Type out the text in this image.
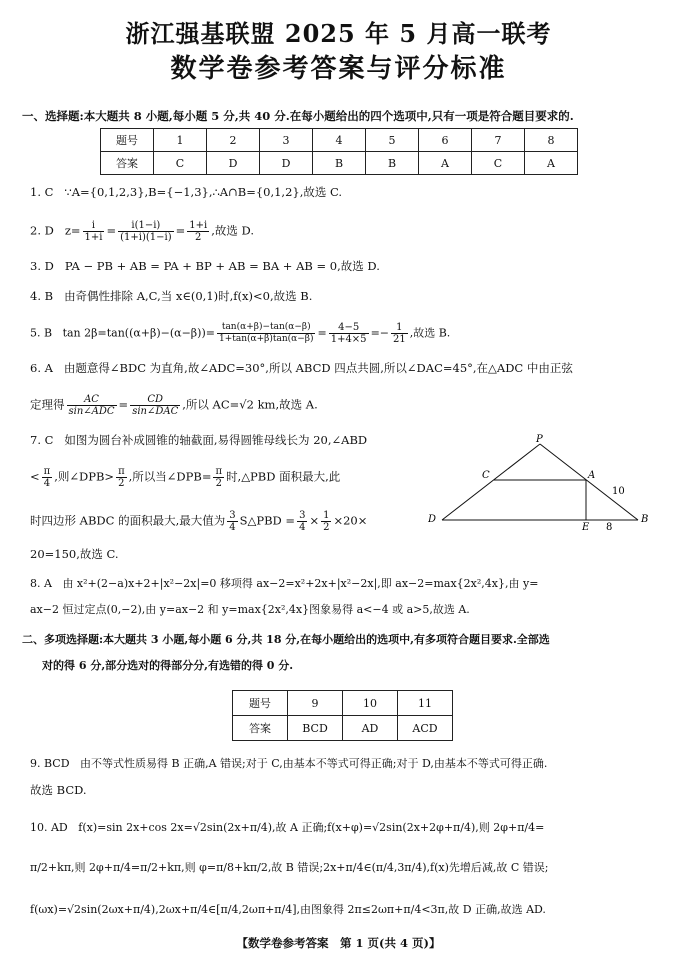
浙江强基联盟 2025 年 5 月高一联考
数学卷参考答案与评分标准
一、选择题:本大题共 8 小题,每小题 5 分,共 40 分.在每小题给出的四个选项中,只有一项是符合题目要求的.
题号	1	2	3	4	5	6	7	8
答案	C	D	D	B	B	A	C	A
1. C ∵A={0,1,2,3},B={−1,3},∴A∩B={0,1,2},故选 C.
2. D $z= \frac{i}{1+i} = \frac{i(1-i)}{(1+i)(1-i)} = \frac{1+i}{2}$ ,故选 D.
3. D PA − PB + AB = PA + BP + AB = BA + AB = 0,故选 D.
4. B 由奇偶性排除 A,C,当 x∈(0,1)时,f(x)<0,故选 B.
5. B $\tan 2\beta=\tan((\alpha+\beta)-(\alpha-\beta))= \frac{\tan(\alpha+\beta)-\tan(\alpha-\beta)}{1+\tan(\alpha+\beta)\tan(\alpha-\beta)} = \frac{4-5}{1+4\times 5} =- \frac{1}{21}$ ,故选 B.
6. A 由题意得∠BDC 为直角,故∠ADC=30°,所以 ABCD 四点共圆,所以∠DAC=45°,在△ADC 中由正弦
定理得 $\frac{AC}{\text{sin∠ADC}} = \frac{CD}{\text{sin∠DAC}}$ ,所以 AC=√2 km,故选 A.
7. C 如图为圆台补成圆锥的轴截面,易得圆锥母线长为 20,∠ABD
< $\frac{\pi}{4}$ ,则∠DPB> $\frac{\pi}{2}$ ,所以当∠DPB= $\frac{\pi}{2}$ 时,△PBD 面积最大,此
时四边形 ABDC 的面积最大,最大值为 $\frac{3}{4}$ S△PBD = $\frac{3}{4} \times \frac{1}{2} \times 20\times$
20=150,故选 C.
P
C	A
D
E
B
10
8
8. A 由 x²+(2−a)x+2+|x²−2x|=0 移项得 ax−2=x²+2x+|x²−2x|,即 ax−2=max{2x²,4x},由 y=
ax−2 恒过定点(0,−2),由 y=ax−2 和 y=max{2x²,4x}图象易得 a<−4 或 a>5,故选 A.
二、多项选择题:本大题共 3 小题,每小题 6 分,共 18 分,在每小题给出的选项中,有多项符合题目要求.全部选
对的得 6 分,部分选对的得部分分,有选错的得 0 分.
题号	9	10	11
答案	BCD	AD	ACD
9. BCD 由不等式性质易得 B 正确,A 错误;对于 C,由基本不等式可得正确;对于 D,由基本不等式可得正确.
故选 BCD.
10. AD f(x)=sin 2x+cos 2x=√2sin(2x+π/4),故 A 正确;f(x+φ)=√2sin(2x+2φ+π/4),则 2φ+π/4=
π/2+kπ,则 2φ+π/4=π/2+kπ,则 φ=π/8+kπ/2,故 B 错误;2x+π/4∈(π/4,3π/4),f(x)先增后减,故 C 错误;
f(ωx)=√2sin(2ωx+π/4),2ωx+π/4∈[π/4,2ωπ+π/4],由图象得 2π≤2ωπ+π/4<3π,故 D 正确,故选 AD.
【数学卷参考答案　第 1 页(共 4 页)】
